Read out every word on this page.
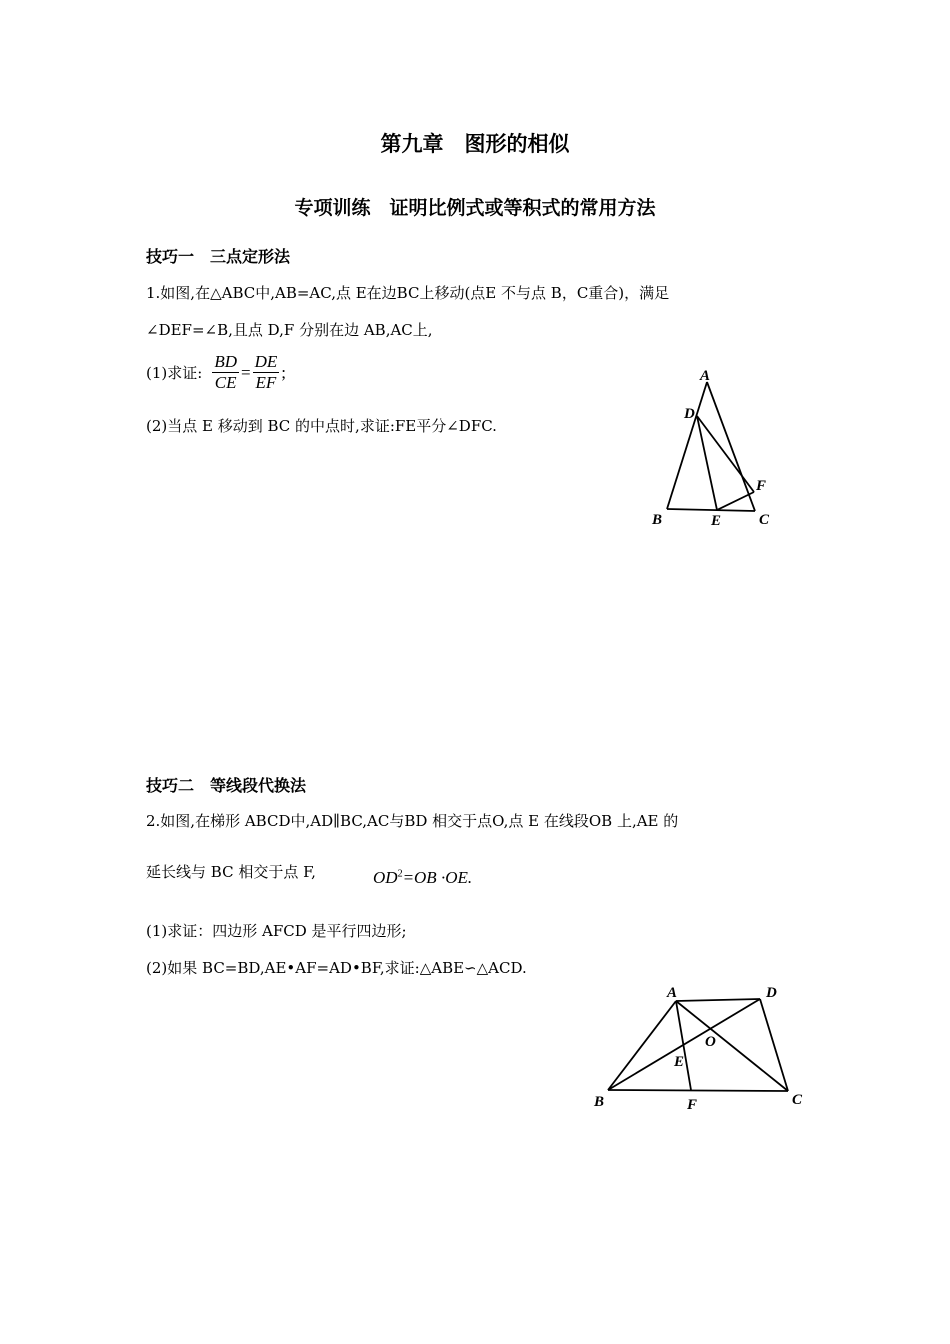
第九章　图形的相似
专项训练　证明比例式或等积式的常用方法
技巧一　三点定形法
1.如图,在△ABC中,AB=AC,点 E在边BC上移动(点E 不与点 B，C重合)，满足
∠DEF=∠B,且点 D,F 分别在边 AB,AC上,
(1)求证: $\frac{BD}{CE} = \frac{DE}{EF}$ ;
(2)当点 E 移动到 BC 的中点时,求证:FE平分∠DFC.
A
D
F
B	E	C
技巧二　等线段代换法
2.如图,在梯形 ABCD中,AD∥BC,AC与BD 相交于点O,点 E 在线段OB 上,AE 的
延长线与 BC 相交于点 F,	$OD^2=OB \cdot OE$.
(1)求证：四边形 AFCD 是平行四边形;
(2)如果 BC=BD,AE•AF=AD•BF,求证:△ABE∽△ACD.
A	D
O
E
B	F	C
